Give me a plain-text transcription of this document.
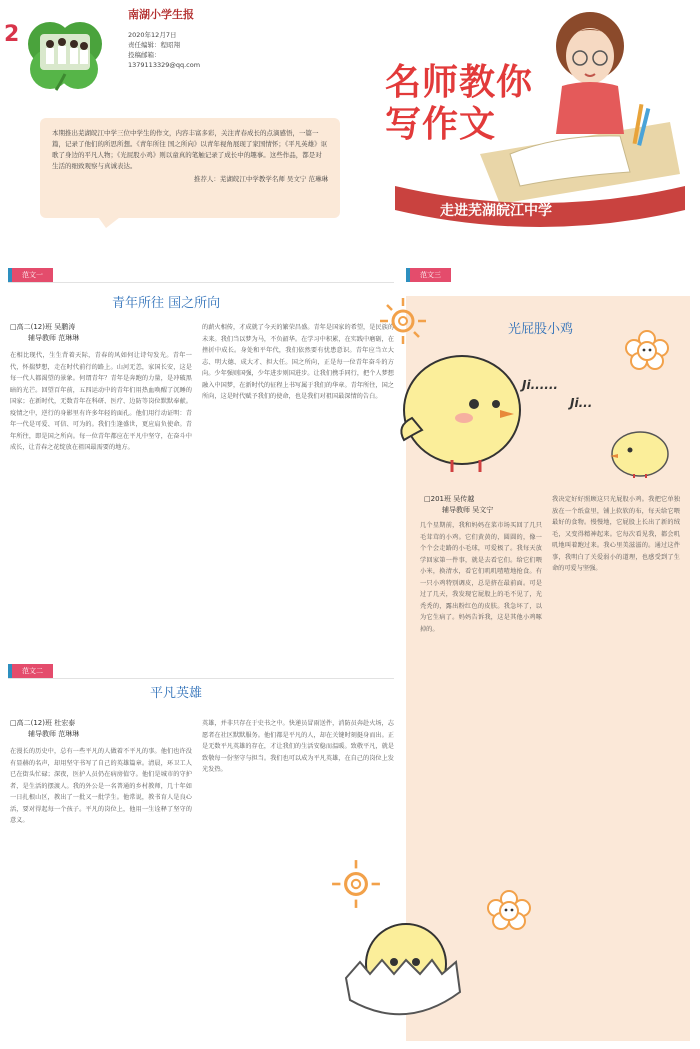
2
南湖小学生报
2020年12月7日
责任编辑：程昭翔
投稿邮箱：
1379113329@qq.com
本期推出芜湖皖江中学三位中学生的作文，内容丰富多彩，关注青春成长的点滴感悟，一篇一篇，记录了他们的所思所想。《青年所往 国之所向》以青年视角展现了家国情怀；《平凡英雄》讴歌了身边的平凡人物；《光屁股小鸡》则以童真的笔触记录了成长中的趣事。这些作品，都是对生活的细致观察与真诚表达。
推荐人：芜湖皖江中学教学名师 吴文宁 范琳琳
名师教你
写作文
走进芜湖皖江中学
范文一
青年所往 国之所向
□高二(12)班 吴鹏涛
辅导教师 范琳琳
在相比现代，生生背着天际，青春的风如何让诗句发光。青年一代，怀揣梦想，走在时代前行的路上。山河无恙，家国长安，这是每一代人都渴望的景象。何谓青年？青年是奔跑的力量，是冲破黑暗的光芒。回望百年前，五四运动中的青年们用热血唤醒了沉睡的国家；在新时代，无数青年在科研、医疗、边防等岗位默默奉献。疫情之中，逆行的身影里有许多年轻的面孔。他们用行动证明：青年一代是可爱、可信、可为的。我们生逢盛世，更应肩负使命。青年所往，即是国之所向。每一位青年都应在平凡中坚守，在奋斗中成长，让青春之花绽放在祖国最需要的地方。
的薪火相传，才成就了今天的繁荣昌盛。青年是国家的希望，是民族的未来。我们当以梦为马，不负韶华。在学习中积累，在实践中磨砺，在挫折中成长。身处和平年代，我们依然要有忧患意识。青年应当立大志、明大德、成大才、担大任。国之所向，正是每一位青年奋斗的方向。少年强则国强，少年进步则国进步。让我们携手同行，把个人梦想融入中国梦，在新时代的征程上书写属于我们的华章。青年所往，国之所向，这是时代赋予我们的使命，也是我们对祖国最深情的告白。
范文二
平凡英雄
□高二(12)班 杜宏泰
辅导教师 范琳琳
在漫长的历史中，总有一些平凡的人做着不平凡的事。他们也许没有显赫的名声，却用坚守书写了自己的英雄篇章。清晨，环卫工人已在街头忙碌；深夜，医护人员仍在病房值守。他们是城市的守护者，是生活的摆渡人。我的外公是一名普通的乡村教师，几十年如一日扎根山区，教出了一批又一批学生。他常说，教书育人是良心活，要对得起每一个孩子。平凡的岗位上，他用一生诠释了坚守的意义。
英雄，并非只存在于史书之中。快递员冒雨送件，消防员奔赴火场，志愿者在社区默默服务。他们都是平凡的人，却在关键时刻挺身而出。正是无数平凡英雄的存在，才让我们的生活安稳而温暖。致敬平凡，就是致敬每一份坚守与担当。我们也可以成为平凡英雄，在自己的岗位上发光发热。
范文三
光屁股小鸡
Ji......
Ji...
□201班 吴传越
辅导教师 吴文宁
几个星期前，我和妈妈在菜市场买回了几只毛茸茸的小鸡。它们黄黄的，圆圆的，像一个个会走路的小毛球，可爱极了。我每天放学回家第一件事，就是去看它们。给它们喂小米，换清水，看它们叽叽喳喳地抢食。有一只小鸡特别调皮，总是挤在最前面。可是过了几天，我发现它屁股上的毛不见了，光秃秃的，露出粉红色的皮肤。我急坏了，以为它生病了。妈妈告诉我，这是其他小鸡啄掉的。
我决定好好照顾这只光屁股小鸡。我把它单独放在一个纸盒里，铺上软软的布，每天给它喂最好的食物。慢慢地，它屁股上长出了新的绒毛，又变得精神起来。它每次看见我，都会叽叽地叫着跑过来。我心里美滋滋的。通过这件事，我明白了关爱弱小的道理，也感受到了生命的可爱与坚强。
